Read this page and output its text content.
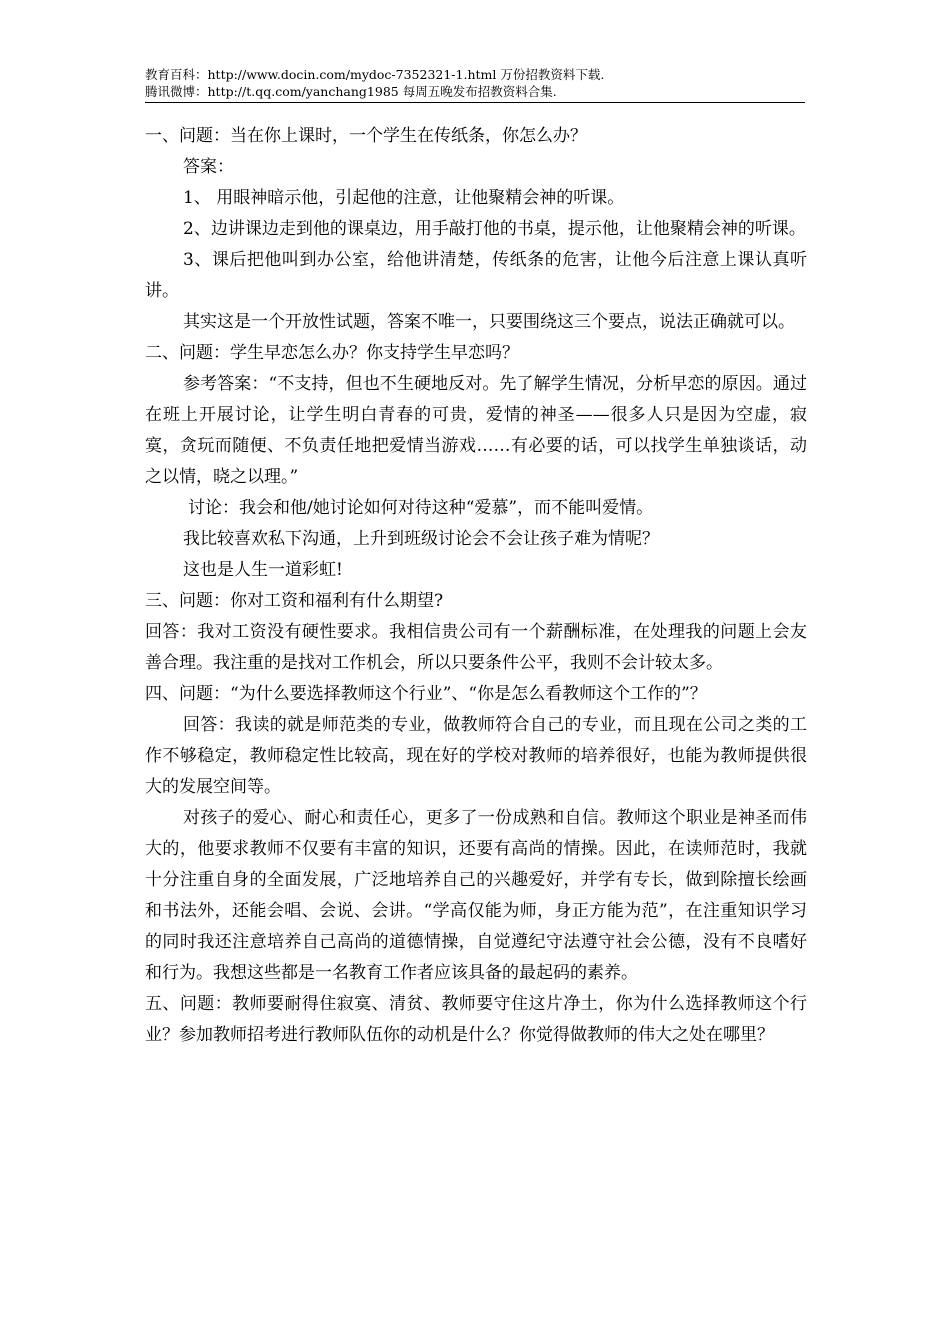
教育百科：http://www.docin.com/mydoc-7352321-1.html 万份招教资料下载.
腾讯微博：http://t.qq.com/yanchang1985 每周五晚发布招教资料合集.

一、问题：当在你上课时，一个学生在传纸条，你怎么办？

答案：

1、 用眼神暗示他，引起他的注意，让他聚精会神的听课。

2、边讲课边走到他的课桌边，用手敲打他的书桌，提示他，让他聚精会神的听课。

3、课后把他叫到办公室，给他讲清楚，传纸条的危害，让他今后注意上课认真听讲。

其实这是一个开放性试题，答案不唯一，只要围绕这三个要点，说法正确就可以。

二、问题：学生早恋怎么办？你支持学生早恋吗？

参考答案：“不支持，但也不生硬地反对。先了解学生情况，分析早恋的原因。通过在班上开展讨论，让学生明白青春的可贵，爱情的神圣——很多人只是因为空虚，寂寞，贪玩而随便、不负责任地把爱情当游戏……有必要的话，可以找学生单独谈话，动之以情，晓之以理。”

讨论：我会和他/她讨论如何对待这种“爱慕”，而不能叫爱情。

我比较喜欢私下沟通，上升到班级讨论会不会让孩子难为情呢？

这也是人生一道彩虹!

三、问题：你对工资和福利有什么期望?

回答：我对工资没有硬性要求。我相信贵公司有一个薪酬标准，在处理我的问题上会友善合理。我注重的是找对工作机会，所以只要条件公平，我则不会计较太多。

四、问题：“为什么要选择教师这个行业”、“你是怎么看教师这个工作的”？

回答：我读的就是师范类的专业，做教师符合自己的专业，而且现在公司之类的工作不够稳定，教师稳定性比较高，现在好的学校对教师的培养很好，也能为教师提供很大的发展空间等。

对孩子的爱心、耐心和责任心，更多了一份成熟和自信。教师这个职业是神圣而伟大的，他要求教师不仅要有丰富的知识，还要有高尚的情操。因此，在读师范时，我就十分注重自身的全面发展，广泛地培养自己的兴趣爱好，并学有专长，做到除擅长绘画和书法外，还能会唱、会说、会讲。“学高仅能为师，身正方能为范”，在注重知识学习的同时我还注意培养自己高尚的道德情操，自觉遵纪守法遵守社会公德，没有不良嗜好和行为。我想这些都是一名教育工作者应该具备的最起码的素养。

五、问题：教师要耐得住寂寞、清贫、教师要守住这片净土，你为什么选择教师这个行业？参加教师招考进行教师队伍你的动机是什么？你觉得做教师的伟大之处在哪里？
